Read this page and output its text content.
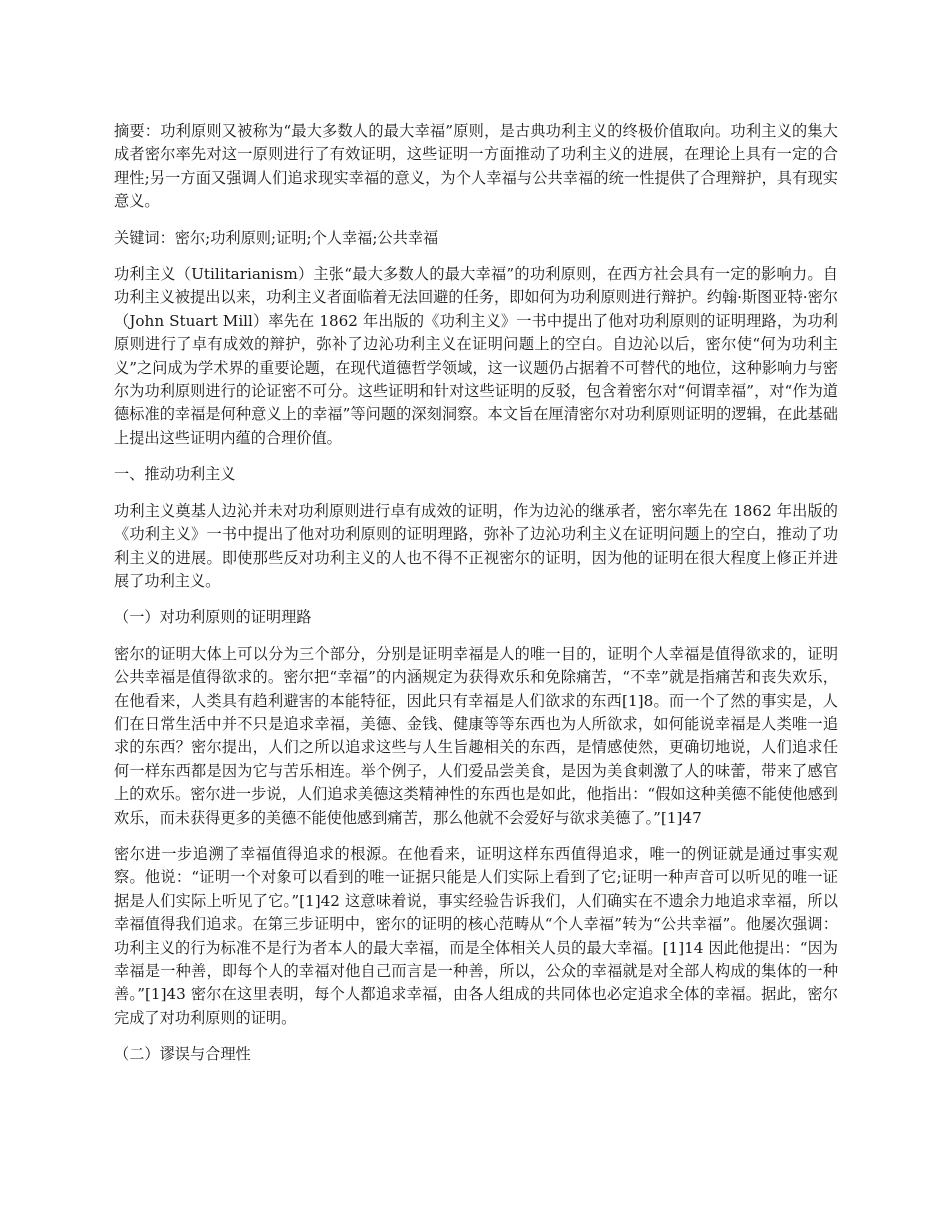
摘要：功利原则又被称为“最大多数人的最大幸福”原则，是古典功利主义的终极价值取向。功利主义的集大成者密尔率先对这一原则进行了有效证明，这些证明一方面推动了功利主义的进展，在理论上具有一定的合理性;另一方面又强调人们追求现实幸福的意义，为个人幸福与公共幸福的统一性提供了合理辩护，具有现实意义。

关键词：密尔;功利原则;证明;个人幸福;公共幸福

功利主义（Utilitarianism）主张“最大多数人的最大幸福”的功利原则，在西方社会具有一定的影响力。自功利主义被提出以来，功利主义者面临着无法回避的任务，即如何为功利原则进行辩护。约翰·斯图亚特·密尔（John Stuart Mill）率先在 1862 年出版的《功利主义》一书中提出了他对功利原则的证明理路，为功利原则进行了卓有成效的辩护，弥补了边沁功利主义在证明问题上的空白。自边沁以后，密尔使“何为功利主义”之问成为学术界的重要论题，在现代道德哲学领域，这一议题仍占据着不可替代的地位，这种影响力与密尔为功利原则进行的论证密不可分。这些证明和针对这些证明的反驳，包含着密尔对“何谓幸福”，对“作为道德标准的幸福是何种意义上的幸福”等问题的深刻洞察。本文旨在厘清密尔对功利原则证明的逻辑，在此基础上提出这些证明内蕴的合理价值。

一、推动功利主义

功利主义奠基人边沁并未对功利原则进行卓有成效的证明，作为边沁的继承者，密尔率先在 1862 年出版的《功利主义》一书中提出了他对功利原则的证明理路，弥补了边沁功利主义在证明问题上的空白，推动了功利主义的进展。即使那些反对功利主义的人也不得不正视密尔的证明，因为他的证明在很大程度上修正并进展了功利主义。

（一）对功利原则的证明理路

密尔的证明大体上可以分为三个部分，分别是证明幸福是人的唯一目的，证明个人幸福是值得欲求的，证明公共幸福是值得欲求的。密尔把“幸福”的内涵规定为获得欢乐和免除痛苦，“不幸”就是指痛苦和丧失欢乐，在他看来，人类具有趋利避害的本能特征，因此只有幸福是人们欲求的东西[1]8。而一个了然的事实是，人们在日常生活中并不只是追求幸福，美德、金钱、健康等等东西也为人所欲求，如何能说幸福是人类唯一追求的东西？密尔提出，人们之所以追求这些与人生旨趣相关的东西，是情感使然，更确切地说，人们追求任何一样东西都是因为它与苦乐相连。举个例子，人们爱品尝美食，是因为美食刺激了人的味蕾，带来了感官上的欢乐。密尔进一步说，人们追求美德这类精神性的东西也是如此，他指出：“假如这种美德不能使他感到欢乐，而未获得更多的美德不能使他感到痛苦，那么他就不会爱好与欲求美德了。”[1]47

密尔进一步追溯了幸福值得追求的根源。在他看来，证明这样东西值得追求，唯一的例证就是通过事实观察。他说：“证明一个对象可以看到的唯一证据只能是人们实际上看到了它;证明一种声音可以听见的唯一证据是人们实际上听见了它。”[1]42 这意味着说，事实经验告诉我们，人们确实在不遗余力地追求幸福，所以幸福值得我们追求。在第三步证明中，密尔的证明的核心范畴从“个人幸福”转为“公共幸福”。他屡次强调：功利主义的行为标准不是行为者本人的最大幸福，而是全体相关人员的最大幸福。[1]14 因此他提出：“因为幸福是一种善，即每个人的幸福对他自己而言是一种善，所以，公众的幸福就是对全部人构成的集体的一种善。”[1]43 密尔在这里表明，每个人都追求幸福，由各人组成的共同体也必定追求全体的幸福。据此，密尔完成了对功利原则的证明。

（二）谬误与合理性
